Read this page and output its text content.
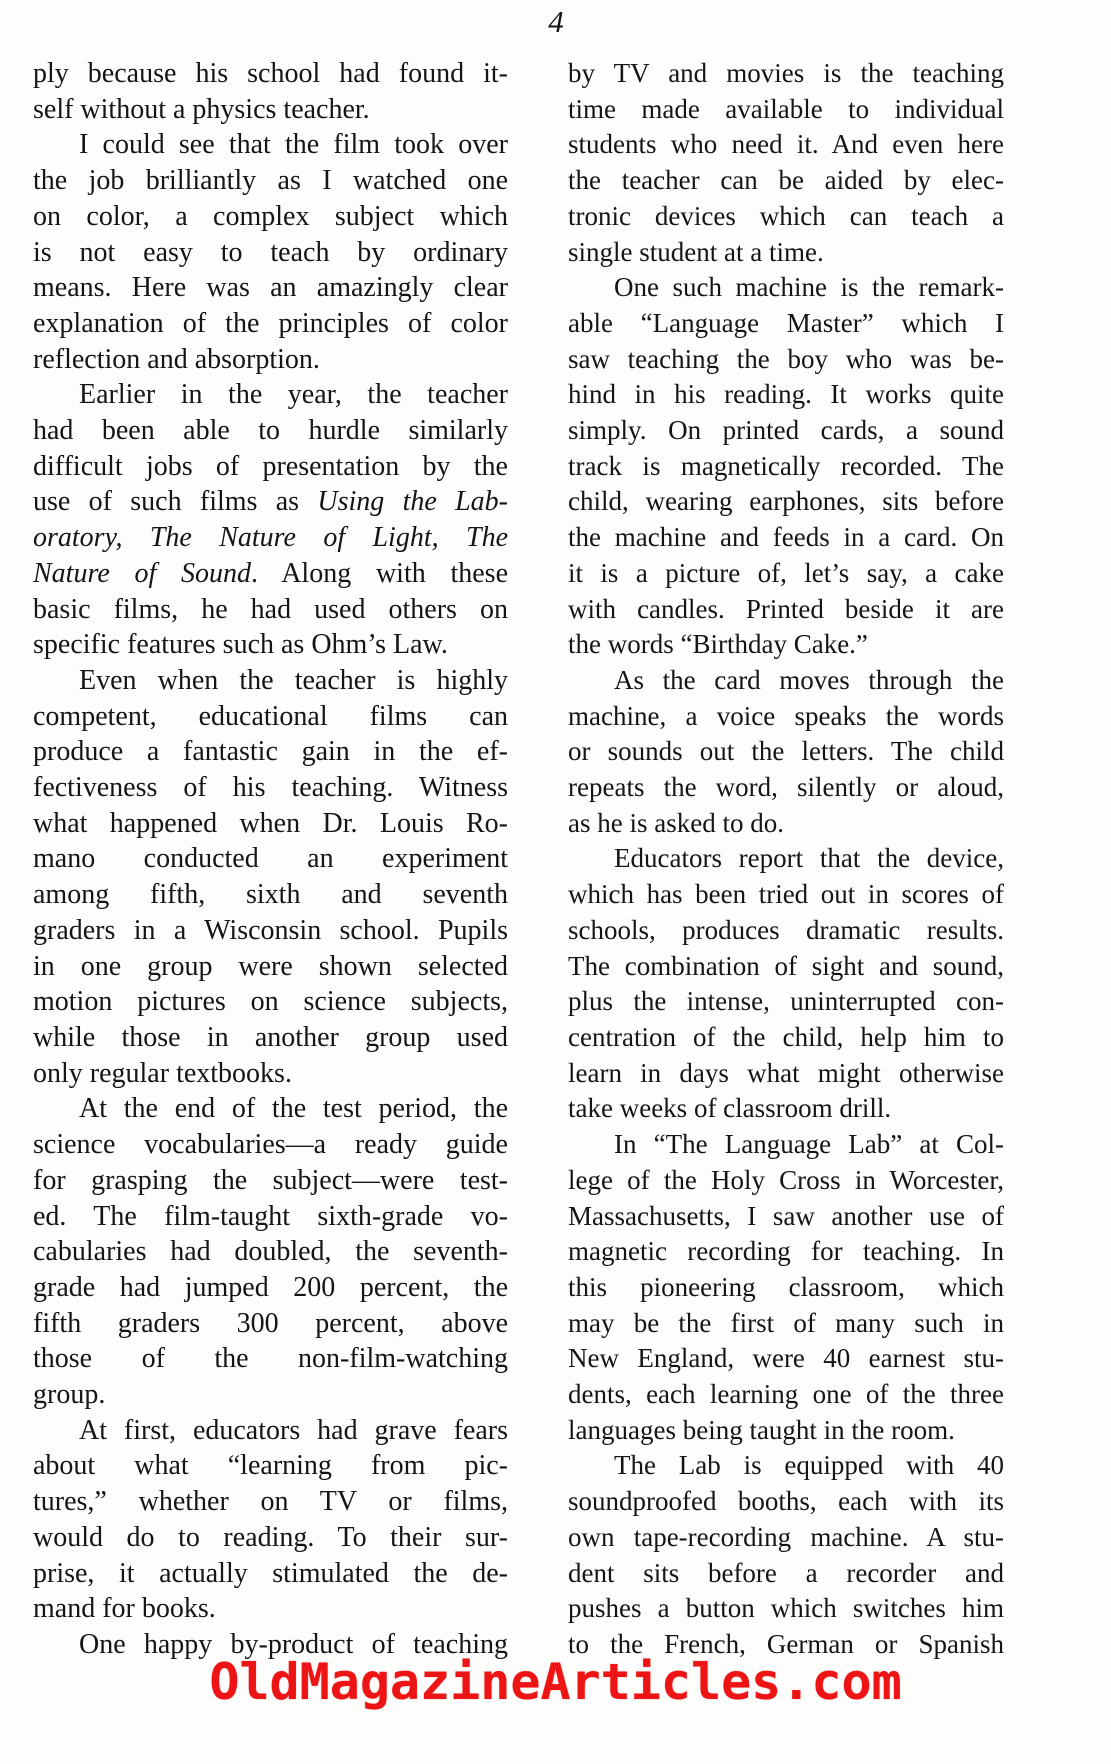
4
ply because his school had found it-
self without a physics teacher.
I could see that the film took over
the job brilliantly as I watched one
on color, a complex subject which
is not easy to teach by ordinary
means. Here was an amazingly clear
explanation of the principles of color
reflection and absorption.
Earlier in the year, the teacher
had been able to hurdle similarly
difficult jobs of presentation by the
use of such films as Using the Lab-
oratory, The Nature of Light, The
Nature of Sound. Along with these
basic films, he had used others on
specific features such as Ohm’s Law.
Even when the teacher is highly
competent, educational films can
produce a fantastic gain in the ef-
fectiveness of his teaching. Witness
what happened when Dr. Louis Ro-
mano conducted an experiment
among fifth, sixth and seventh
graders in a Wisconsin school. Pupils
in one group were shown selected
motion pictures on science subjects,
while those in another group used
only regular textbooks.
At the end of the test period, the
science vocabularies—a ready guide
for grasping the subject—were test-
ed. The film-taught sixth-grade vo-
cabularies had doubled, the seventh-
grade had jumped 200 percent, the
fifth graders 300 percent, above
those of the non-film-watching
group.
At first, educators had grave fears
about what “learning from pic-
tures,” whether on TV or films,
would do to reading. To their sur-
prise, it actually stimulated the de-
mand for books.
One happy by-product of teaching
by TV and movies is the teaching
time made available to individual
students who need it. And even here
the teacher can be aided by elec-
tronic devices which can teach a
single student at a time.
One such machine is the remark-
able “Language Master” which I
saw teaching the boy who was be-
hind in his reading. It works quite
simply. On printed cards, a sound
track is magnetically recorded. The
child, wearing earphones, sits before
the machine and feeds in a card. On
it is a picture of, let’s say, a cake
with candles. Printed beside it are
the words “Birthday Cake.”
As the card moves through the
machine, a voice speaks the words
or sounds out the letters. The child
repeats the word, silently or aloud,
as he is asked to do.
Educators report that the device,
which has been tried out in scores of
schools, produces dramatic results.
The combination of sight and sound,
plus the intense, uninterrupted con-
centration of the child, help him to
learn in days what might otherwise
take weeks of classroom drill.
In “The Language Lab” at Col-
lege of the Holy Cross in Worcester,
Massachusetts, I saw another use of
magnetic recording for teaching. In
this pioneering classroom, which
may be the first of many such in
New England, were 40 earnest stu-
dents, each learning one of the three
languages being taught in the room.
The Lab is equipped with 40
soundproofed booths, each with its
own tape-recording machine. A stu-
dent sits before a recorder and
pushes a button which switches him
to the French, German or Spanish
OldMagazineArticles.com
